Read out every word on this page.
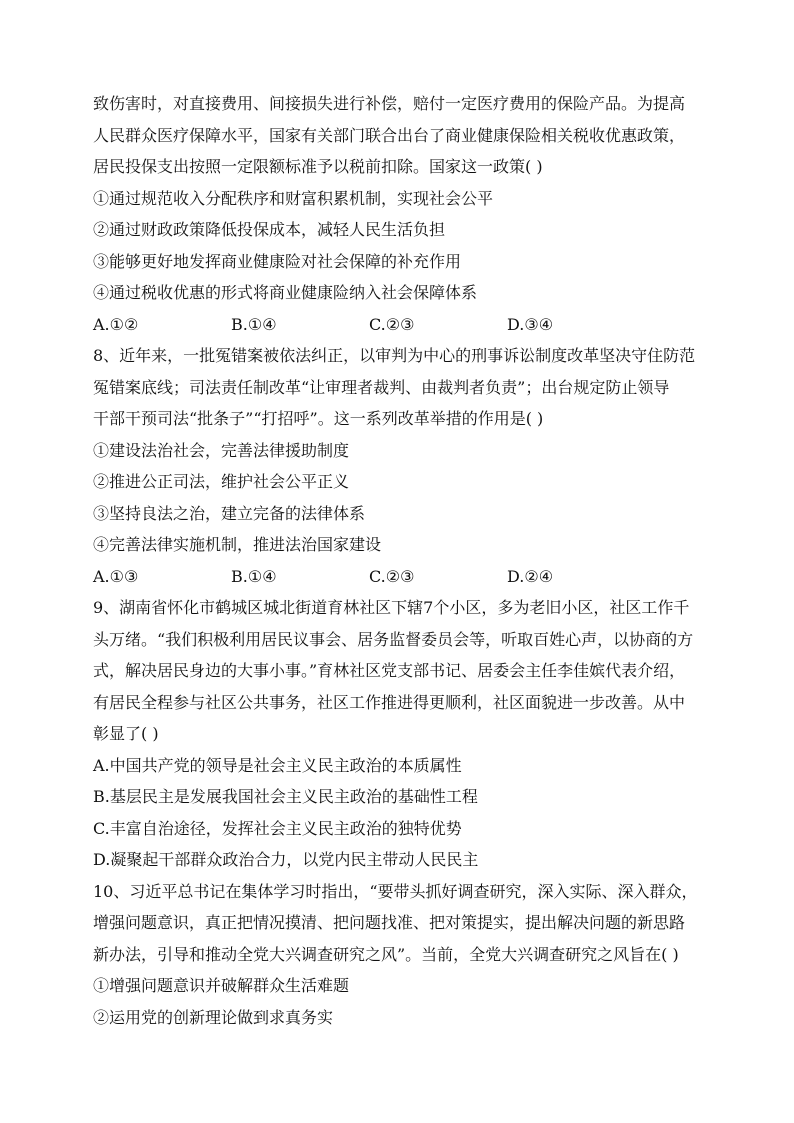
致伤害时，对直接费用、间接损失进行补偿，赔付一定医疗费用的保险产品。为提高
人民群众医疗保障水平，国家有关部门联合出台了商业健康保险相关税收优惠政策，
居民投保支出按照一定限额标准予以税前扣除。国家这一政策( )
①通过规范收入分配秩序和财富积累机制，实现社会公平
②通过财政政策降低投保成本，减轻人民生活负担
③能够更好地发挥商业健康险对社会保障的补充作用
④通过税收优惠的形式将商业健康险纳入社会保障体系
A.①②	B.①④	C.②③	D.③④
8、近年来，一批冤错案被依法纠正，以审判为中心的刑事诉讼制度改革坚决守住防范
冤错案底线；司法责任制改革“让审理者裁判、由裁判者负责”；出台规定防止领导
干部干预司法“批条子”“打招呼”。这一系列改革举措的作用是( )
①建设法治社会，完善法律援助制度
②推进公正司法，维护社会公平正义
③坚持良法之治，建立完备的法律体系
④完善法律实施机制，推进法治国家建设
A.①③	B.①④	C.②③	D.②④
9、湖南省怀化市鹤城区城北街道育林社区下辖7个小区，多为老旧小区，社区工作千
头万绪。“我们积极利用居民议事会、居务监督委员会等，听取百姓心声，以协商的方
式，解决居民身边的大事小事。”育林社区党支部书记、居委会主任李佳嫔代表介绍，
有居民全程参与社区公共事务，社区工作推进得更顺利，社区面貌进一步改善。从中
彰显了( )
A.中国共产党的领导是社会主义民主政治的本质属性
B.基层民主是发展我国社会主义民主政治的基础性工程
C.丰富自治途径，发挥社会主义民主政治的独特优势
D.凝聚起干部群众政治合力，以党内民主带动人民民主
10、习近平总书记在集体学习时指出，“要带头抓好调查研究，深入实际、深入群众，
增强问题意识，真正把情况摸清、把问题找准、把对策提实，提出解决问题的新思路
新办法，引导和推动全党大兴调查研究之风”。当前，全党大兴调查研究之风旨在( )
①增强问题意识并破解群众生活难题
②运用党的创新理论做到求真务实
